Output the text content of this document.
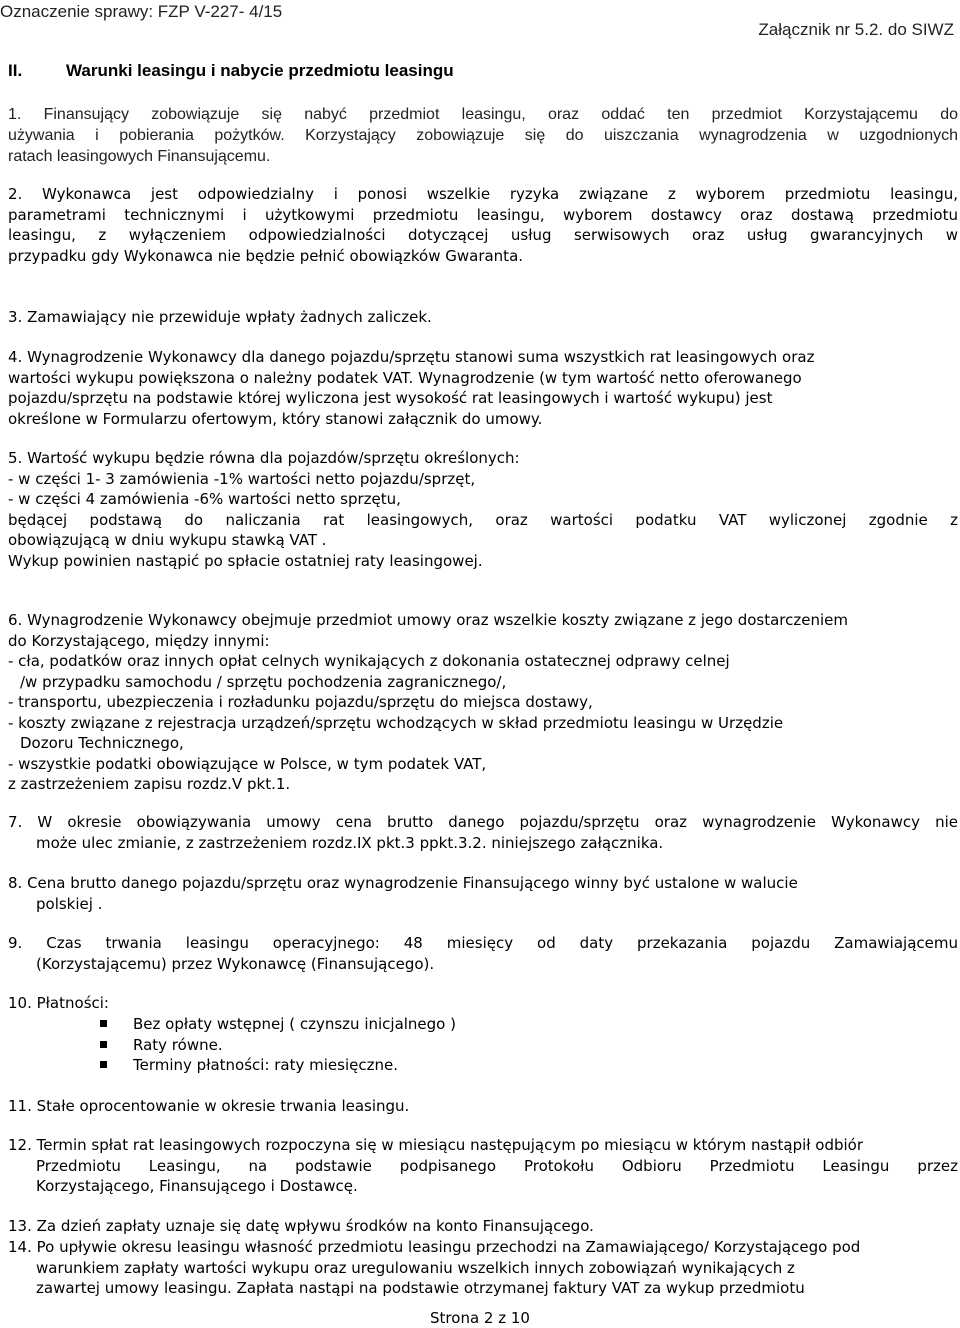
Oznaczenie sprawy: FZP V-227- 4/15
Załącznik nr 5.2. do SIWZ
II.	Warunki leasingu i nabycie przedmiotu leasingu
1. Finansujący zobowiązuje się nabyć przedmiot leasingu, oraz oddać ten przedmiot Korzystającemu do
używania i pobierania pożytków. Korzystający zobowiązuje się do uiszczania wynagrodzenia w uzgodnionych
ratach leasingowych Finansującemu.
2. Wykonawca jest odpowiedzialny i ponosi wszelkie ryzyka związane z wyborem przedmiotu leasingu,
parametrami technicznymi i użytkowymi przedmiotu leasingu, wyborem dostawcy oraz dostawą przedmiotu
leasingu, z wyłączeniem odpowiedzialności dotyczącej usług serwisowych oraz usług gwarancyjnych w
przypadku gdy Wykonawca nie będzie pełnić obowiązków Gwaranta.
3. Zamawiający nie przewiduje wpłaty żadnych zaliczek.
4. Wynagrodzenie Wykonawcy dla danego pojazdu/sprzętu stanowi suma wszystkich rat leasingowych oraz
wartości wykupu powiększona o należny podatek VAT. Wynagrodzenie (w tym wartość netto oferowanego
pojazdu/sprzętu na podstawie której wyliczona jest wysokość rat leasingowych i wartość wykupu) jest
określone w Formularzu ofertowym, który stanowi załącznik do umowy.
5. Wartość wykupu będzie równa dla pojazdów/sprzętu określonych:
- w części 1- 3 zamówienia -1% wartości netto pojazdu/sprzęt,
- w części 4 zamówienia -6% wartości netto sprzętu,
będącej podstawą do naliczania rat leasingowych, oraz wartości podatku VAT wyliczonej zgodnie z
obowiązującą w dniu wykupu stawką VAT .
Wykup powinien nastąpić po spłacie ostatniej raty leasingowej.
6. Wynagrodzenie Wykonawcy obejmuje przedmiot umowy oraz wszelkie koszty związane z jego dostarczeniem
do Korzystającego, między innymi:
- cła, podatków oraz innych opłat celnych wynikających z dokonania ostatecznej odprawy celnej
/w przypadku samochodu / sprzętu pochodzenia zagranicznego/,
- transportu, ubezpieczenia i rozładunku pojazdu/sprzętu do miejsca dostawy,
- koszty związane z rejestracja urządzeń/sprzętu wchodzących w skład przedmiotu leasingu w Urzędzie
Dozoru Technicznego,
- wszystkie podatki obowiązujące w Polsce, w tym podatek VAT,
z zastrzeżeniem zapisu rozdz.V pkt.1.
7. W okresie obowiązywania umowy cena brutto danego pojazdu/sprzętu oraz wynagrodzenie Wykonawcy nie
może ulec zmianie, z zastrzeżeniem rozdz.IX pkt.3 ppkt.3.2. niniejszego załącznika.
8. Cena brutto danego pojazdu/sprzętu oraz wynagrodzenie Finansującego winny być ustalone w walucie
polskiej .
9. Czas trwania leasingu operacyjnego: 48 miesięcy od daty przekazania pojazdu Zamawiającemu
(Korzystającemu) przez Wykonawcę (Finansującego).
10. Płatności:
Bez opłaty wstępnej ( czynszu inicjalnego )
Raty równe.
Terminy płatności: raty miesięczne.
11. Stałe oprocentowanie w okresie trwania leasingu.
12. Termin spłat rat leasingowych rozpoczyna się w miesiącu następującym po miesiącu w którym nastąpił odbiór
Przedmiotu Leasingu, na podstawie podpisanego Protokołu Odbioru Przedmiotu Leasingu przez
Korzystającego, Finansującego i Dostawcę.
13. Za dzień zapłaty uznaje się datę wpływu środków na konto Finansującego.
14. Po upływie okresu leasingu własność przedmiotu leasingu przechodzi na Zamawiającego/ Korzystającego pod
warunkiem zapłaty wartości wykupu oraz uregulowaniu wszelkich innych zobowiązań wynikających z
zawartej umowy leasingu. Zapłata nastąpi na podstawie otrzymanej faktury VAT za wykup przedmiotu
Strona 2 z 10
